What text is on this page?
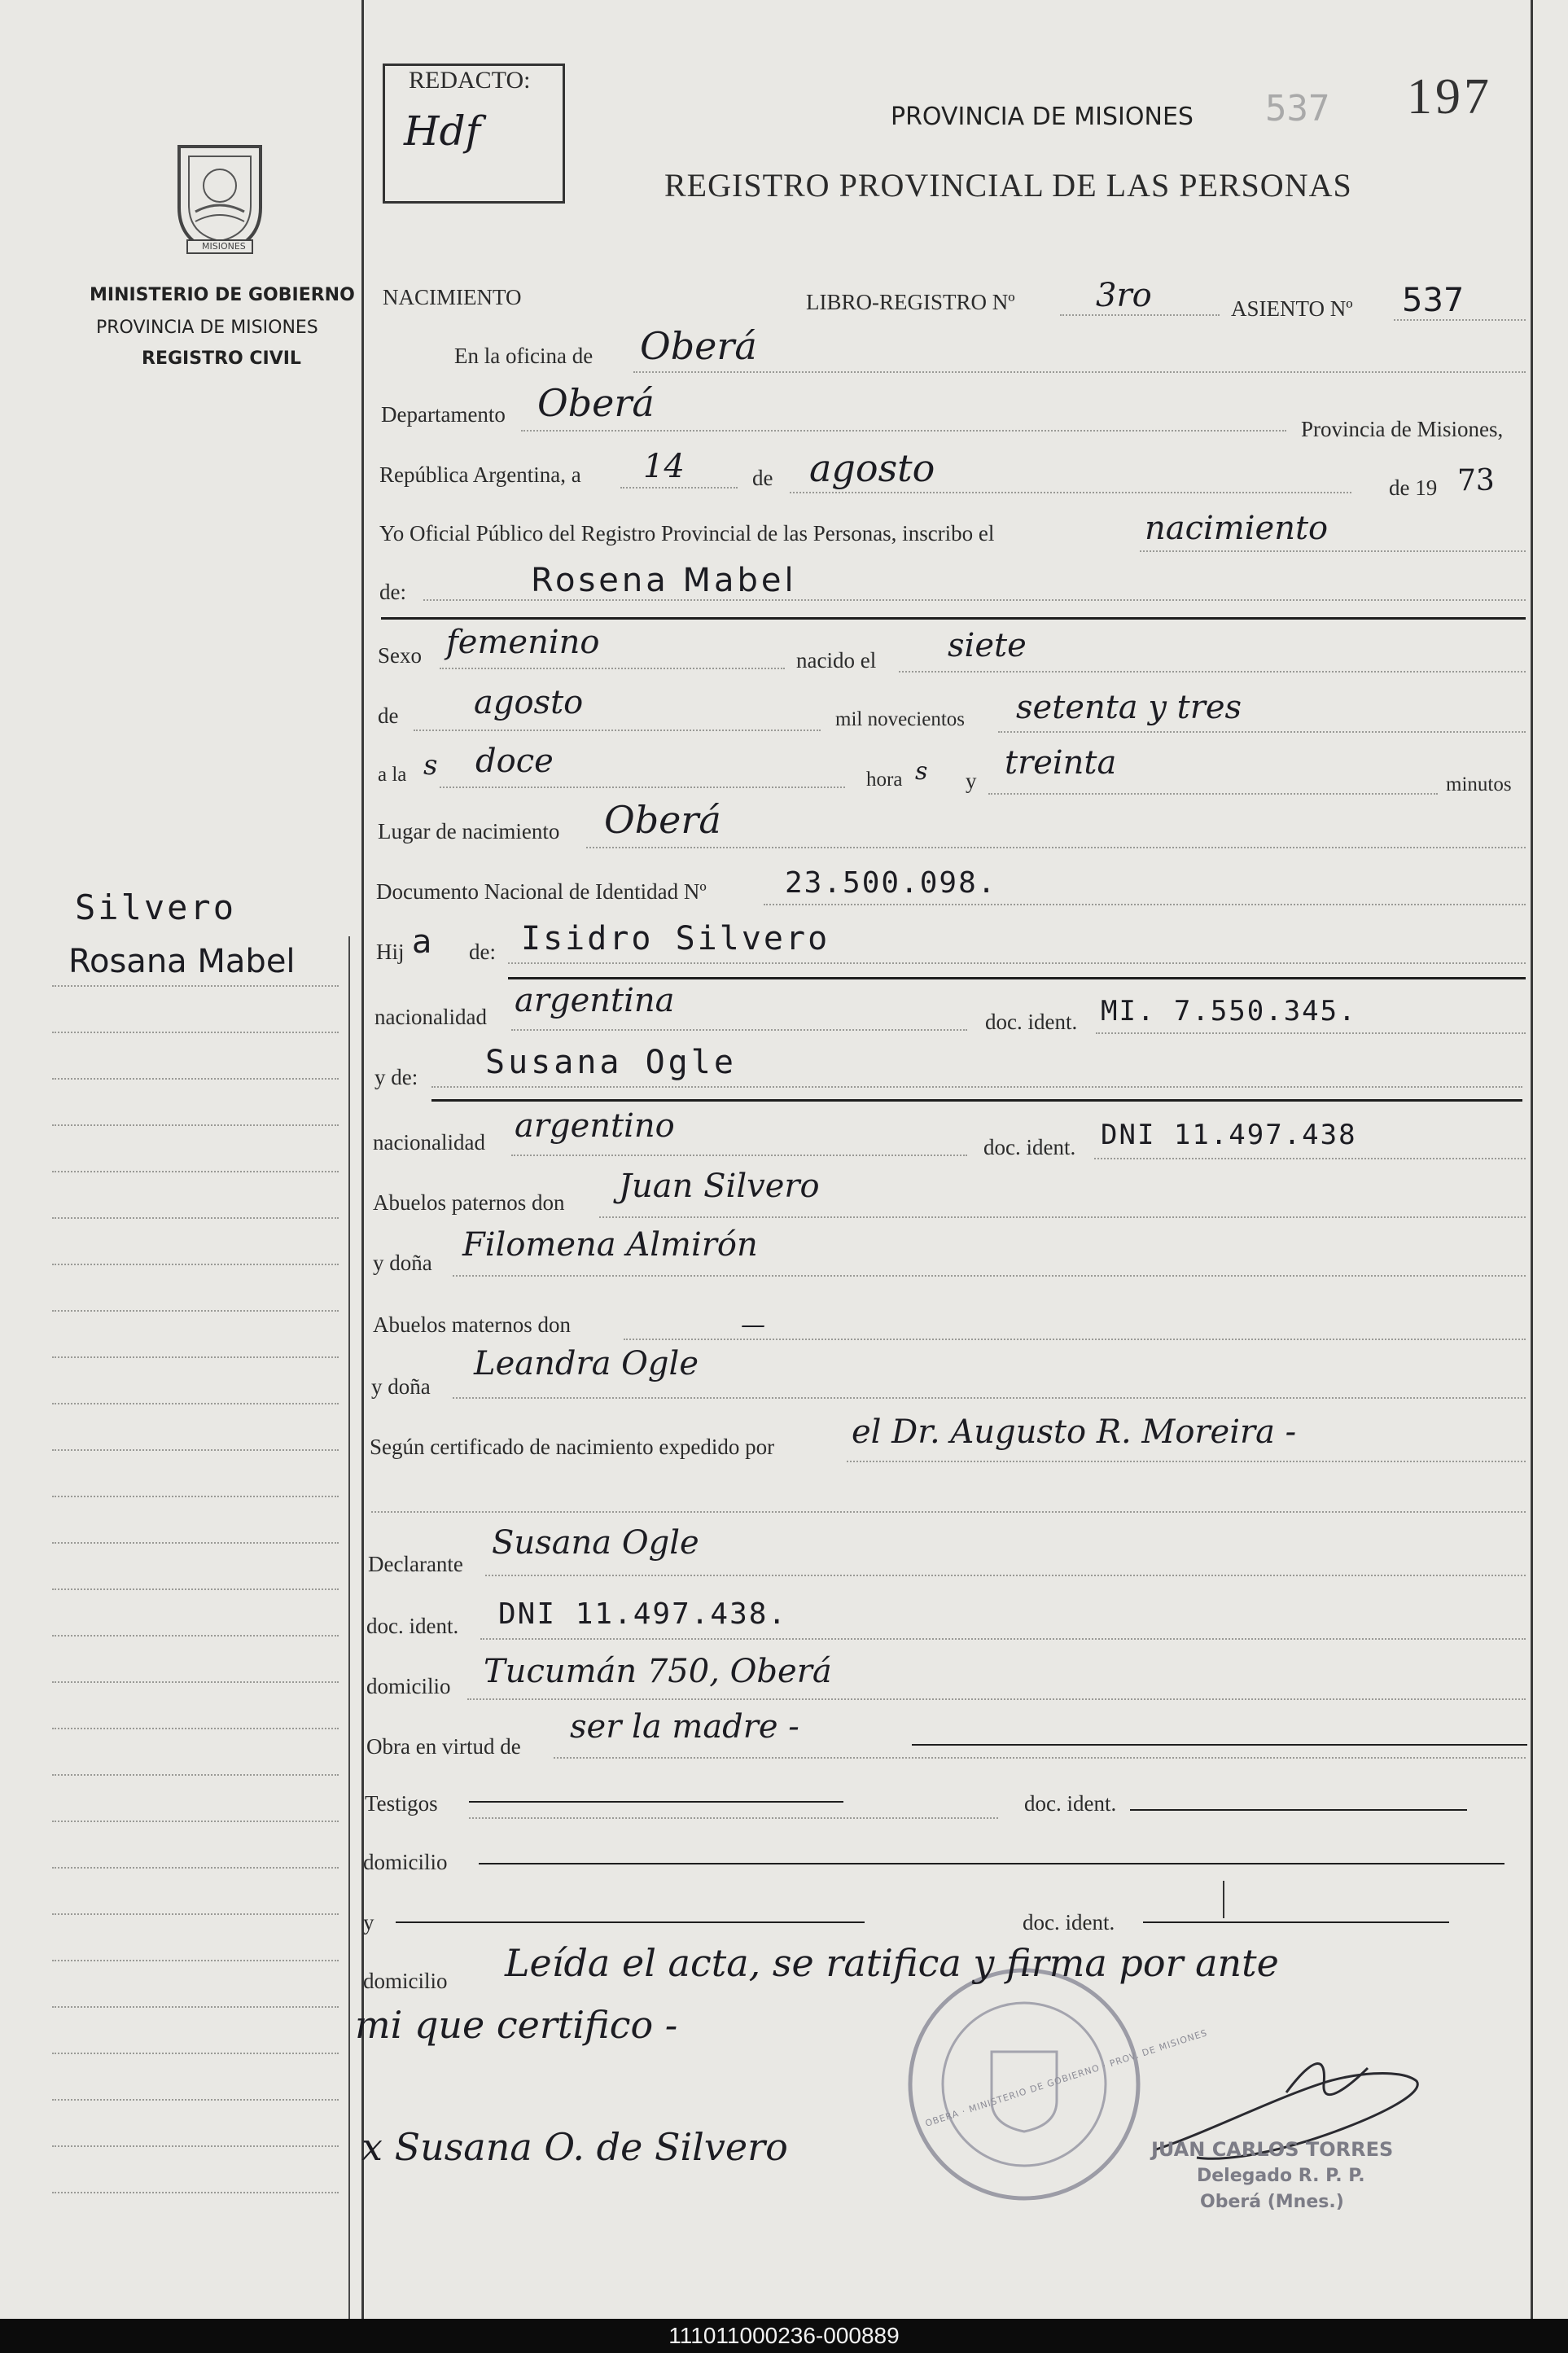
MISIONES
MINISTERIO DE GOBIERNO
PROVINCIA DE MISIONES
REGISTRO CIVIL
Silvero
Rosana Mabel
REDACTO:
Hdf	PROVINCIA DE MISIONES
REGISTRO PROVINCIAL DE LAS PERSONAS
537 197
NACIMIENTO	LIBRO-REGISTRO Nº 3ro	ASIENTO Nº 537
En la oficina de Oberá
Departamento Oberá
Provincia de Misiones,
República Argentina, a 14	de agosto	de 19 73
Yo Oficial Público del Registro Provincial de las Personas, inscribo el	nacimiento
de:	Rosena Mabel
Sexo femenino	nacido el siete
de agosto	mil novecientos setenta y tres
a la s doce	hora s y treinta
minutos
Lugar de nacimiento Oberá
Documento Nacional de Identidad Nº	23.500.098.
Hij a de: Isidro Silvero
nacionalidad argentina
doc. ident. MI. 7.550.345.
y de: Susana Ogle
nacionalidad argentino
doc. ident. DNI 11.497.438
Abuelos paternos don Juan Silvero
y doña Filomena Almirón
Abuelos maternos don	—
y doña
Leandra Ogle
Según certificado de nacimiento expedido por el Dr. Augusto R. Moreira -
Declarante
Susana Ogle
doc. ident. DNI 11.497.438.
domicilio Tucumán 750, Oberá
Obra en virtud de
ser la madre -
Testigos	doc. ident.
domicilio
y	doc. ident.
domicilio
OBERA · MINISTERIO DE GOBIERNO · PROV. DE MISIONES
Leída el acta, se ratifica y firma por ante
mi que certifico -
x Susana O. de Silvero	JUAN CARLOS TORRES
Delegado R. P. P.
Oberá (Mnes.)
111011000236-000889
